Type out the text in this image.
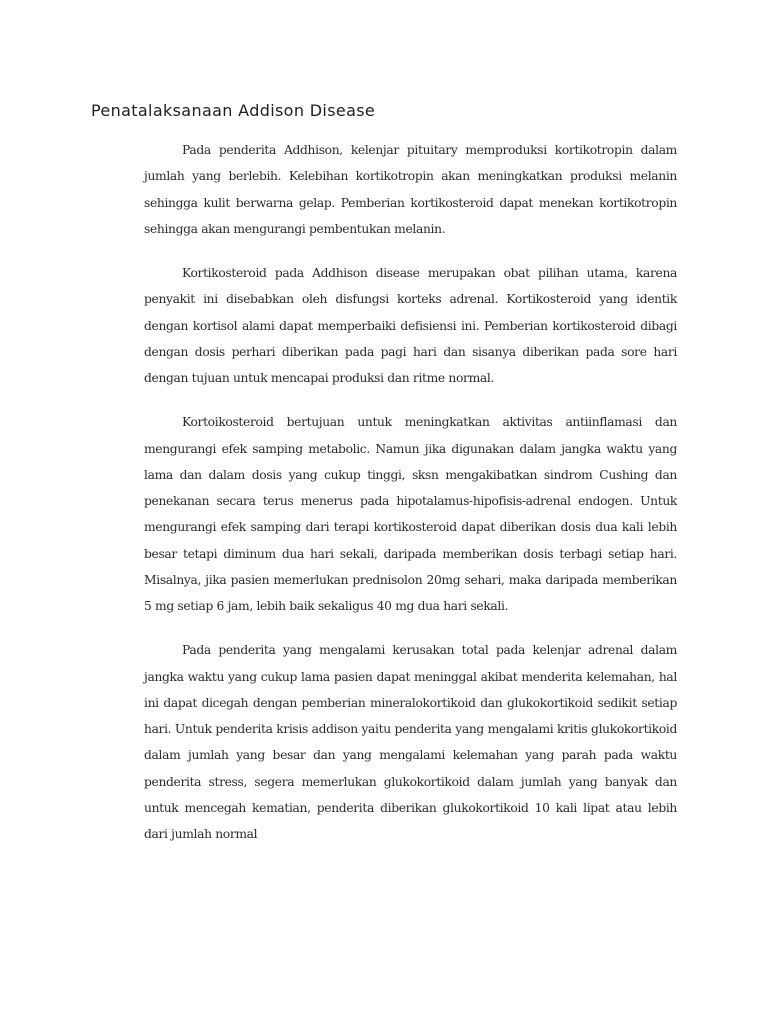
Penatalaksanaan Addison Disease

Pada penderita Addhison, kelenjar pituitary memproduksi kortikotropin dalam jumlah yang berlebih. Kelebihan kortikotropin akan meningkatkan produksi melanin sehingga kulit berwarna gelap. Pemberian kortikosteroid dapat menekan kortikotropin sehingga akan mengurangi pembentukan melanin.

Kortikosteroid pada Addhison disease merupakan obat pilihan utama, karena penyakit ini disebabkan oleh disfungsi korteks adrenal. Kortikosteroid yang identik dengan kortisol alami dapat memperbaiki defisiensi ini. Pemberian kortikosteroid dibagi dengan dosis perhari diberikan pada pagi hari dan sisanya diberikan pada sore hari dengan tujuan untuk mencapai produksi dan ritme normal.

Kortoikosteroid bertujuan untuk meningkatkan aktivitas antiinflamasi dan mengurangi efek samping metabolic. Namun jika digunakan dalam jangka waktu yang lama dan dalam dosis yang cukup tinggi, sksn mengakibatkan sindrom Cushing dan penekanan secara terus menerus pada hipotalamus-hipofisis-adrenal endogen. Untuk mengurangi efek samping dari terapi kortikosteroid dapat diberikan dosis dua kali lebih besar tetapi diminum dua hari sekali, daripada memberikan dosis terbagi setiap hari. Misalnya, jika pasien memerlukan prednisolon 20mg sehari, maka daripada memberikan 5 mg setiap 6 jam, lebih baik sekaligus 40 mg dua hari sekali.

Pada penderita yang mengalami kerusakan total pada kelenjar adrenal dalam jangka waktu yang cukup lama pasien dapat meninggal akibat menderita kelemahan, hal ini dapat dicegah dengan pemberian mineralokortikoid dan glukokortikoid sedikit setiap hari. Untuk penderita krisis addison yaitu penderita yang mengalami kritis glukokortikoid dalam jumlah yang besar dan yang mengalami kelemahan yang parah pada waktu penderita stress, segera memerlukan glukokortikoid dalam jumlah yang banyak dan untuk mencegah kematian, penderita diberikan glukokortikoid 10 kali lipat atau lebih dari jumlah normal
